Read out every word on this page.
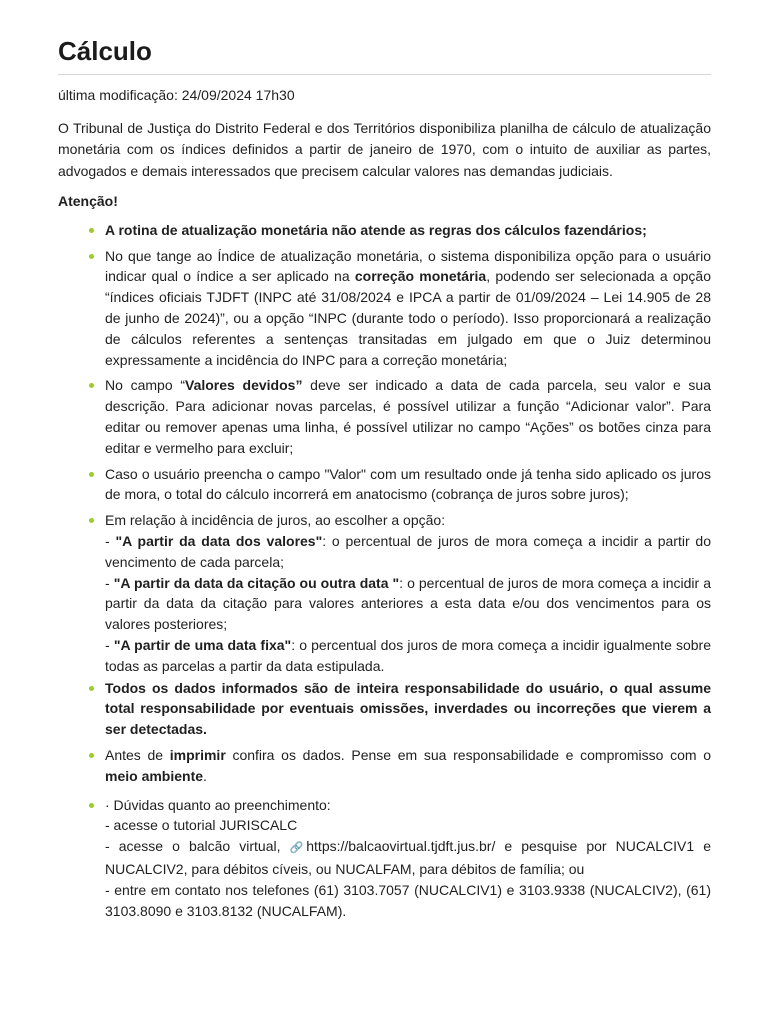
Cálculo
última modificação: 24/09/2024 17h30

O Tribunal de Justiça do Distrito Federal e dos Territórios disponibiliza planilha de cálculo de atualização monetária com os índices definidos a partir de janeiro de 1970, com o intuito de auxiliar as partes, advogados e demais interessados que precisem calcular valores nas demandas judiciais.

Atenção!
A rotina de atualização monetária não atende as regras dos cálculos fazendários;
No que tange ao Índice de atualização monetária, o sistema disponibiliza opção para o usuário indicar qual o índice a ser aplicado na correção monetária, podendo ser selecionada a opção “índices oficiais TJDFT (INPC até 31/08/2024 e IPCA a partir de 01/09/2024 – Lei 14.905 de 28 de junho de 2024)”, ou a opção “INPC (durante todo o período). Isso proporcionará a realização de cálculos referentes a sentenças transitadas em julgado em que o Juiz determinou expressamente a incidência do INPC para a correção monetária;
No campo “Valores devidos” deve ser indicado a data de cada parcela, seu valor e sua descrição. Para adicionar novas parcelas, é possível utilizar a função “Adicionar valor”. Para editar ou remover apenas uma linha, é possível utilizar no campo “Ações” os botões cinza para editar e vermelho para excluir;
Caso o usuário preencha o campo "Valor" com um resultado onde já tenha sido aplicado os juros de mora, o total do cálculo incorrerá em anatocismo (cobrança de juros sobre juros);
Em relação à incidência de juros, ao escolher a opção:
- "A partir da data dos valores": o percentual de juros de mora começa a incidir a partir do vencimento de cada parcela;
- "A partir da data da citação ou outra data ": o percentual de juros de mora começa a incidir a partir da data da citação para valores anteriores a esta data e/ou dos vencimentos para os valores posteriores;
- "A partir de uma data fixa": o percentual dos juros de mora começa a incidir igualmente sobre todas as parcelas a partir da data estipulada.
Todos os dados informados são de inteira responsabilidade do usuário, o qual assume total responsabilidade por eventuais omissões, inverdades ou incorreções que vierem a ser detectadas.
Antes de imprimir confira os dados. Pense em sua responsabilidade e compromisso com o meio ambiente.
· Dúvidas quanto ao preenchimento:
- acesse o tutorial JURISCALC
- acesse o balcão virtual, 🔗 https://balcaovirtual.tjdft.jus.br/ e pesquise por NUCALCIV1 e NUCALCIV2, para débitos cíveis, ou NUCALFAM, para débitos de família; ou
- entre em contato nos telefones (61) 3103.7057 (NUCALCIV1) e 3103.9338 (NUCALCIV2), (61) 3103.8090 e 3103.8132 (NUCALFAM).
